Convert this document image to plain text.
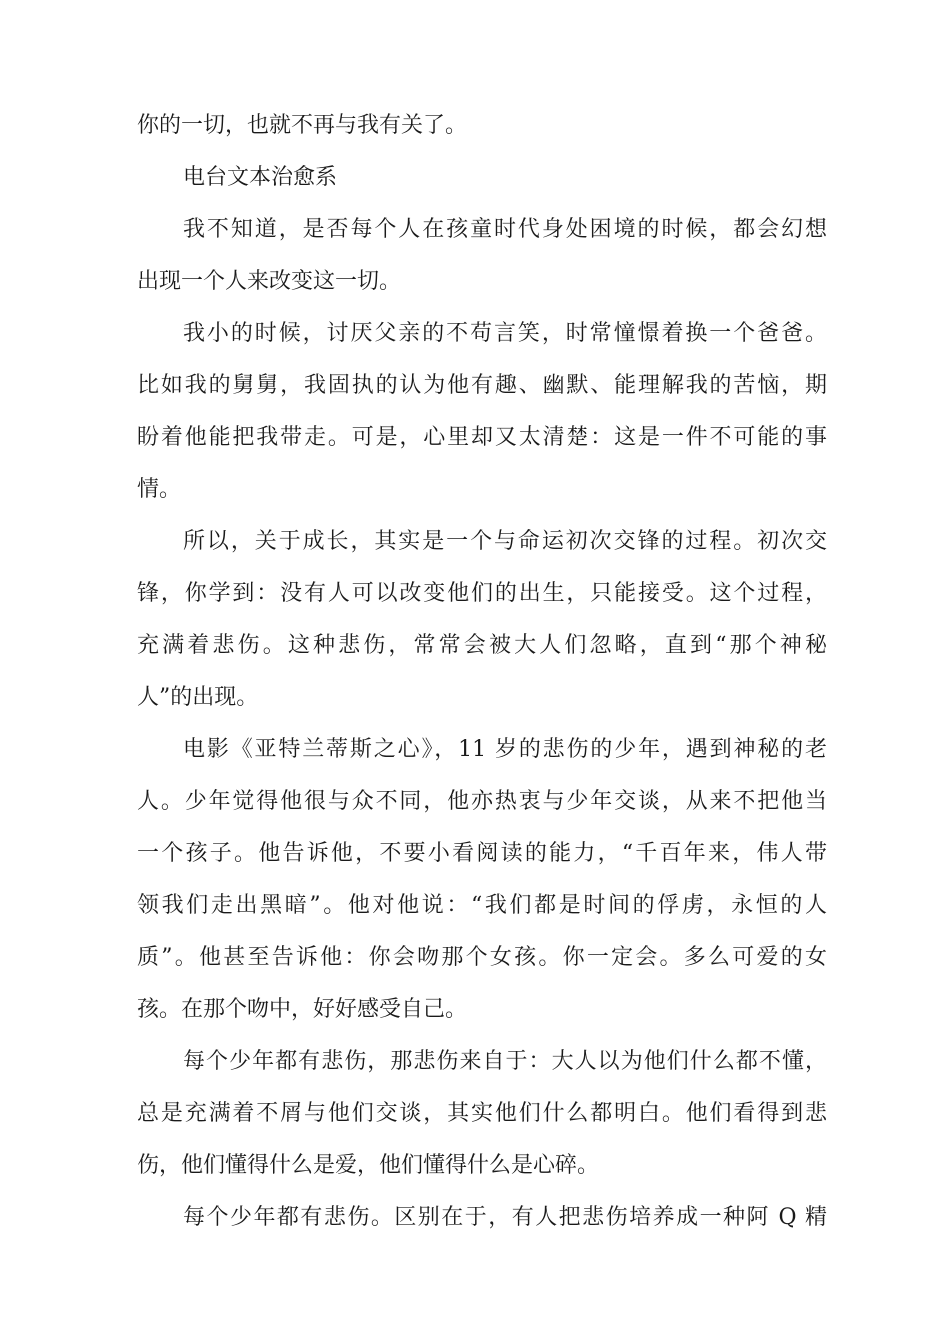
你的一切，也就不再与我有关了。
电台文本治愈系
我不知道，是否每个人在孩童时代身处困境的时候，都会幻想
出现一个人来改变这一切。
我小的时候，讨厌父亲的不苟言笑，时常憧憬着换一个爸爸。
比如我的舅舅，我固执的认为他有趣、幽默、能理解我的苦恼，期
盼着他能把我带走。可是，心里却又太清楚：这是一件不可能的事
情。
所以，关于成长，其实是一个与命运初次交锋的过程。初次交
锋，你学到：没有人可以改变他们的出生，只能接受。这个过程，
充满着悲伤。这种悲伤，常常会被大人们忽略，直到“那个神秘
人”的出现。
电影《亚特兰蒂斯之心》，11 岁的悲伤的少年，遇到神秘的老
人。少年觉得他很与众不同，他亦热衷与少年交谈，从来不把他当
一个孩子。他告诉他，不要小看阅读的能力，“千百年来，伟人带
领我们走出黑暗”。他对他说：“我们都是时间的俘虏，永恒的人
质”。他甚至告诉他：你会吻那个女孩。你一定会。多么可爱的女
孩。在那个吻中，好好感受自己。
每个少年都有悲伤，那悲伤来自于：大人以为他们什么都不懂，
总是充满着不屑与他们交谈，其实他们什么都明白。他们看得到悲
伤，他们懂得什么是爱，他们懂得什么是心碎。
每个少年都有悲伤。区别在于，有人把悲伤培养成一种阿 Q 精
